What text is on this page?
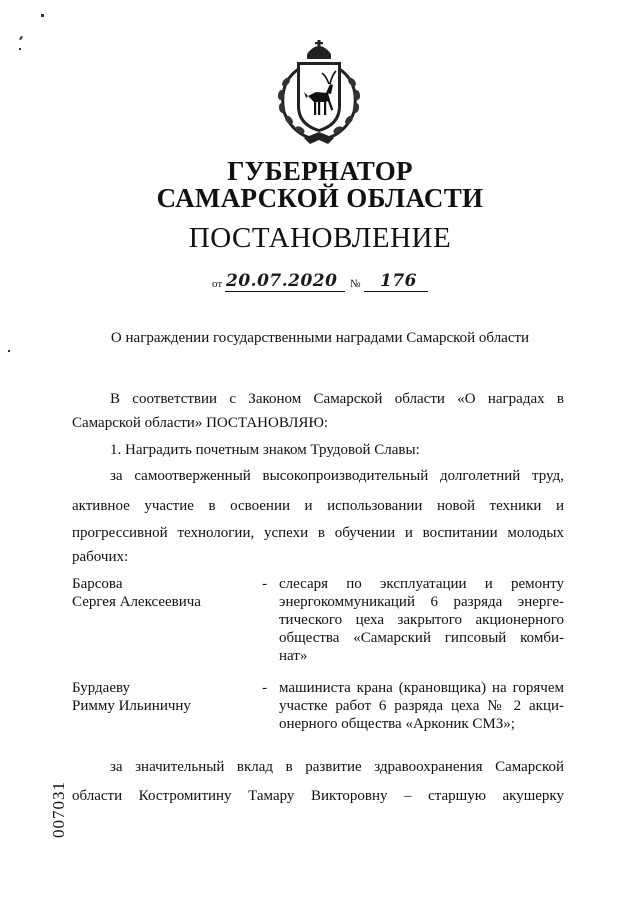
ГУБЕРНАТОР
САМАРСКОЙ ОБЛАСТИ
ПОСТАНОВЛЕНИЕ
от 20.07.2020 № 176
О награждении государственными наградами Самарской области
В соответствии с Законом Самарской области «О наградах в
Самарской области» ПОСТАНОВЛЯЮ:
1. Наградить почетным знаком Трудовой Славы:
за самоотверженный высокопроизводительный долголетний труд,
активное участие в освоении и использовании новой техники и
прогрессивной технологии, успехи в обучении и воспитании молодых
рабочих:
Барсова
Сергея Алексеевича
- слесаря по эксплуатации и ремонту
энергокоммуникаций 6 разряда энерге-
тического цеха закрытого акционерного
общества «Самарский гипсовый комби-
нат»
Бурдаеву
Римму Ильиничну
- машиниста крана (крановщика) на горячем
участке работ 6 разряда цеха № 2 акци-
онерного общества «Арконик СМЗ»;
за значительный вклад в развитие здравоохранения Самарской
области Костромитину Тамару Викторовну – старшую акушерку
007031
